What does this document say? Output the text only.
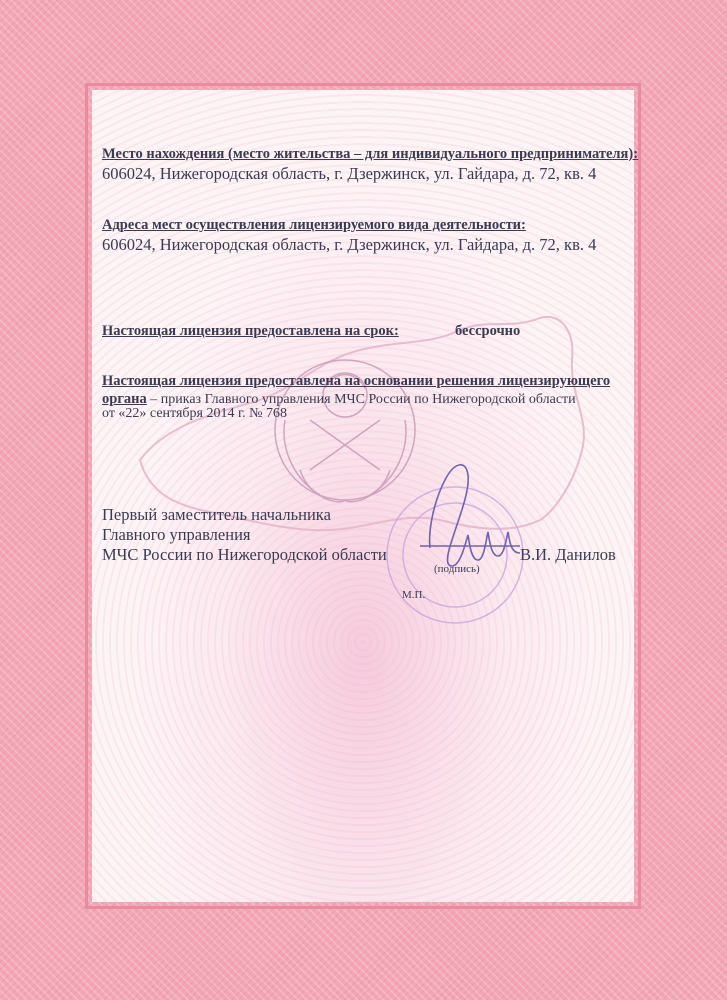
Место нахождения (место жительства – для индивидуального предпринимателя):
606024, Нижегородская область, г. Дзержинск, ул. Гайдара, д. 72, кв. 4
Адреса мест осуществления лицензируемого вида деятельности:
606024, Нижегородская область, г. Дзержинск, ул. Гайдара, д. 72, кв. 4
Настоящая лицензия предоставлена на срок:	бессрочно
Настоящая лицензия предоставлена на основании решения лицензирующего
органа – приказ Главного управления МЧС России по Нижегородской области
от «22» сентября 2014 г. № 768
Первый заместитель начальника
Главного управления
МЧС России по Нижегородской области	В.И. Данилов
(подпись)
М.П.
